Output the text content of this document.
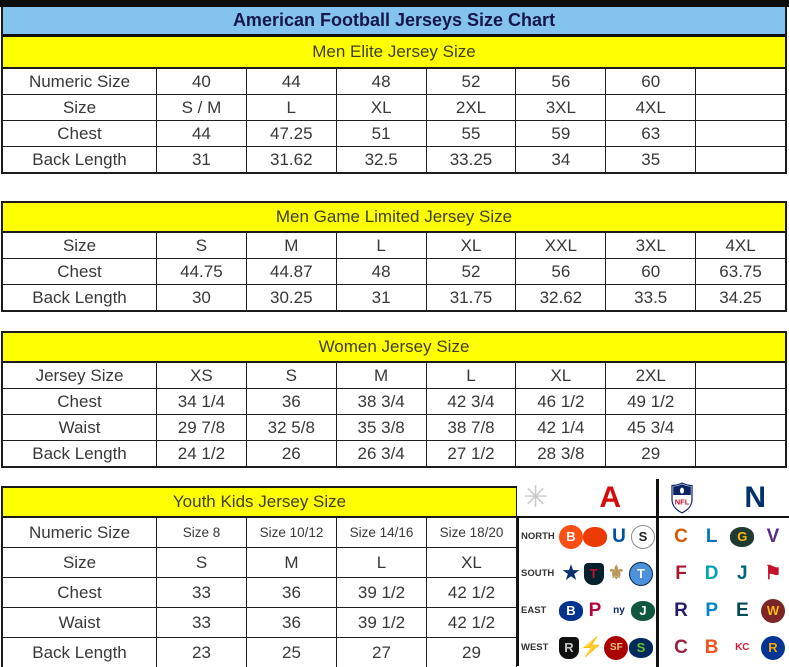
American Football Jerseys Size Chart
Men Elite Jersey Size
Numeric Size	40	44	48	52	56	60
Size	S / M	L	XL	2XL	3XL	4XL
Chest	44	47.25	51	55	59	63
Back Length	31	31.62	32.5	33.25	34	35
Men Game Limited Jersey Size
Size	S	M	L	XL	XXL	3XL	4XL
Chest	44.75	44.87	48	52	56	60	63.75
Back Length	30	30.25	31	31.75	32.62	33.5	34.25
Women Jersey Size
Jersey Size	XS	S	M	L	XL	2XL
Chest	34 1/4	36	38 3/4	42 3/4	46 1/2	49 1/2
Waist	29 7/8	32 5/8	35 3/8	38 7/8	42 1/4	45 3/4
Back Length	24 1/2	26	26 3/4	27 1/2	28 3/8	29
Youth Kids Jersey Size
Numeric Size	Size 8	Size 10/12	Size 14/16	Size 18/20
Size	S	M	L	XL
Chest	33	36	39 1/2	42 1/2
Waist	33	36	39 1/2	42 1/2
Back Length	23	25	27	29
✳ A	NFL N
NORTH B	U S	C L	G	V
SOUTH ★ T ⚜ T	F D J ⚑
EAST	B P	ny	J	R P E	W
WEST	R ⚡ SF	S	C B	KC	R
